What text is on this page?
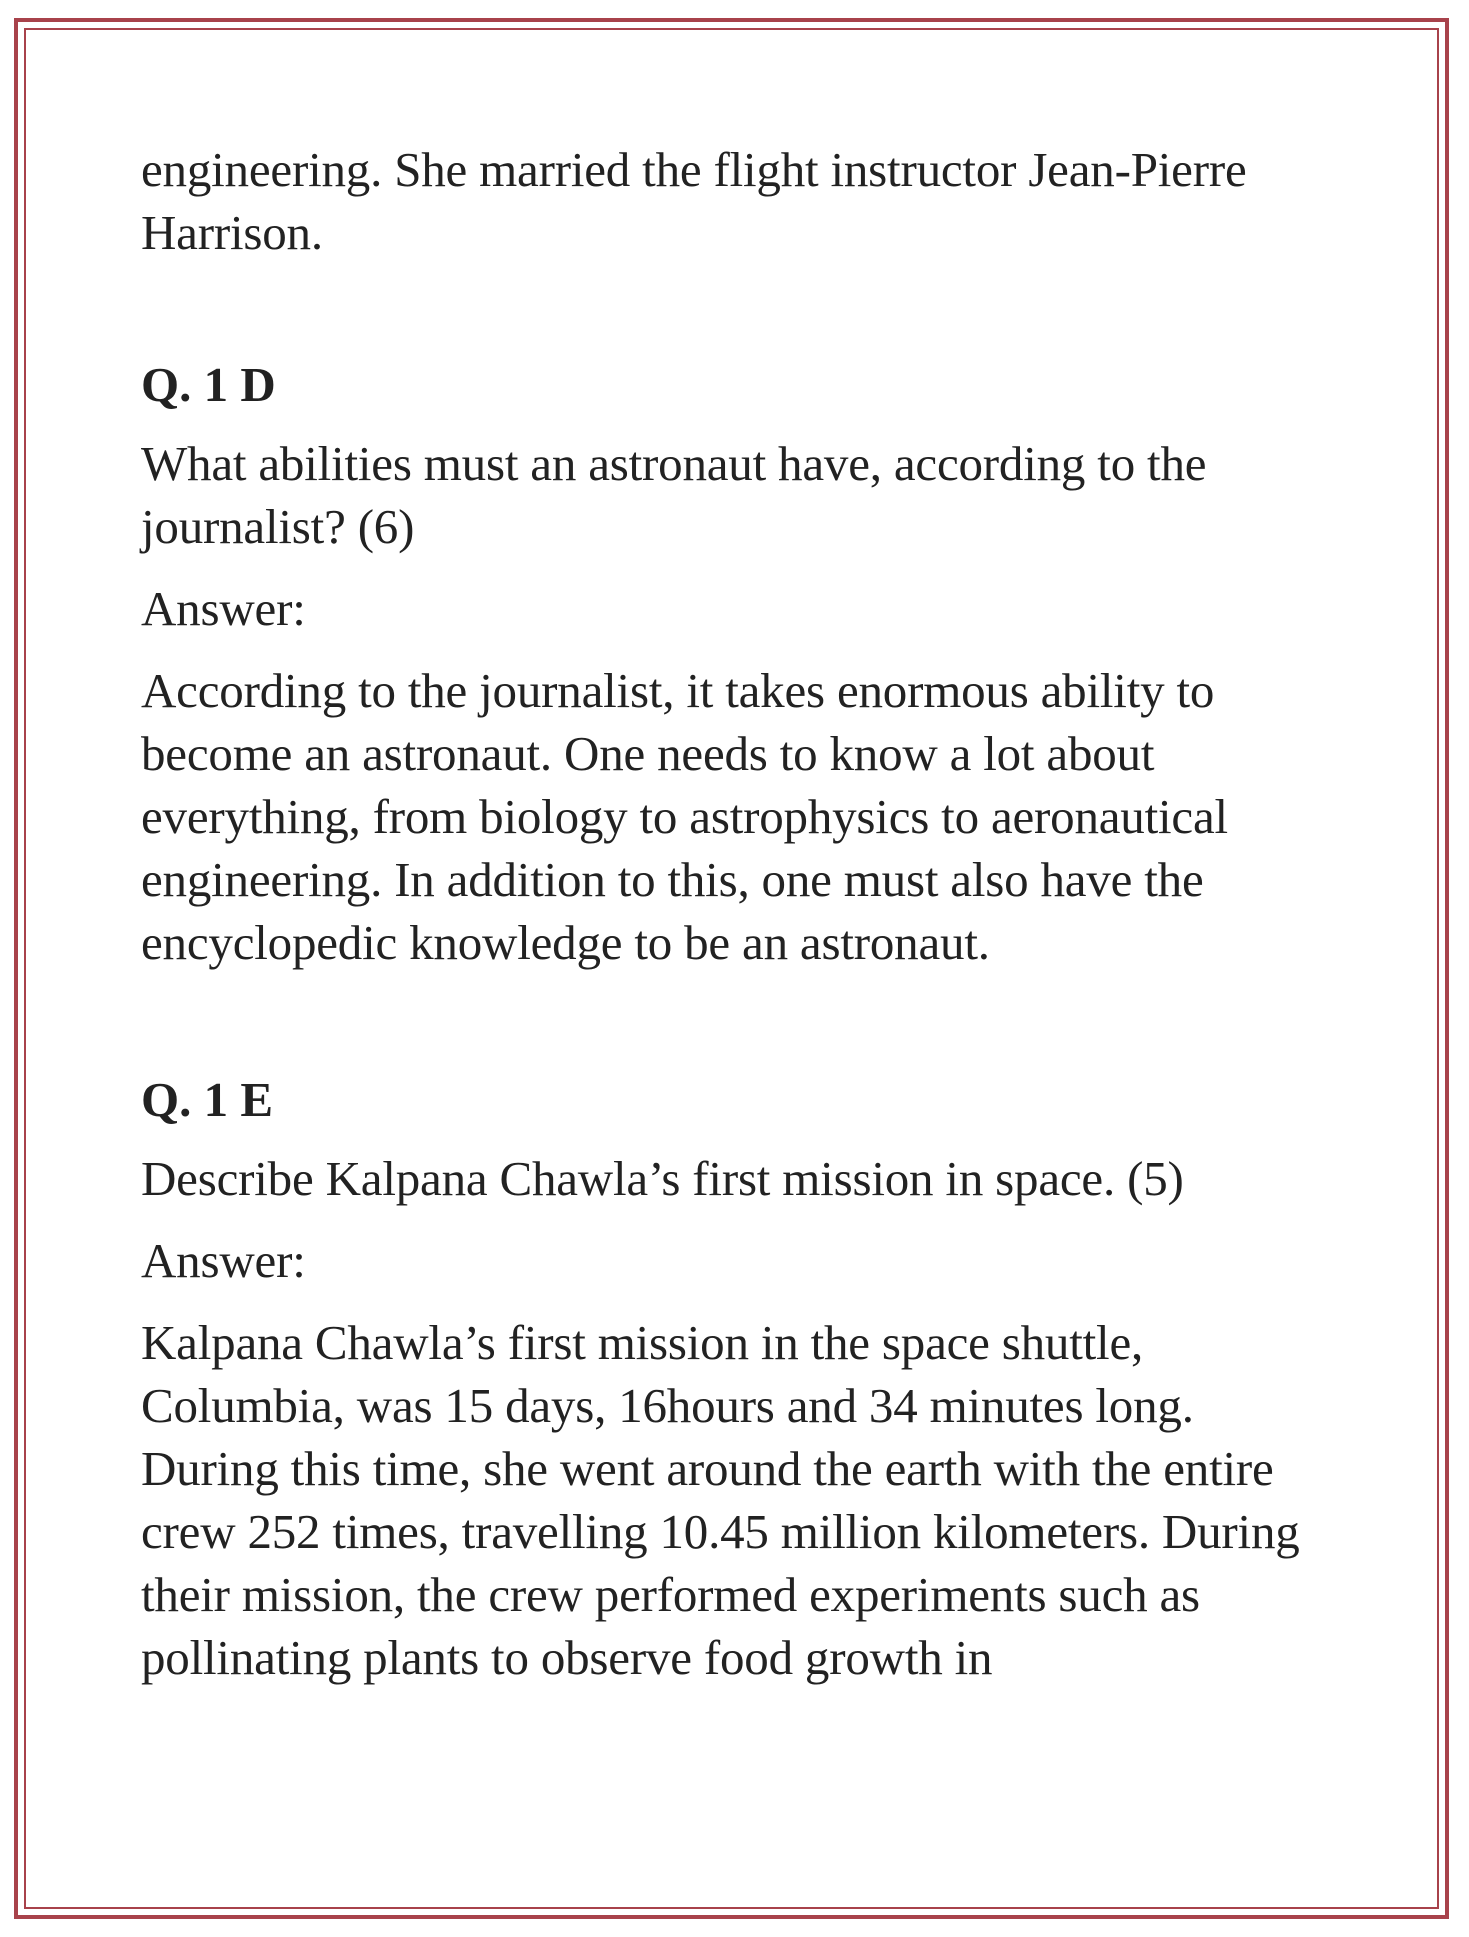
engineering. She married the flight instructor Jean-Pierre Harrison.

Q. 1 D

What abilities must an astronaut have, according to the journalist? (6)

Answer:

According to the journalist, it takes enormous ability to become an astronaut. One needs to know a lot about everything, from biology to astrophysics to aeronautical engineering. In addition to this, one must also have the encyclopedic knowledge to be an astronaut.

Q. 1 E

Describe Kalpana Chawla’s first mission in space. (5)

Answer:

Kalpana Chawla’s first mission in the space shuttle, Columbia, was 15 days, 16hours and 34 minutes long. During this time, she went around the earth with the entire crew 252 times, travelling 10.45 million kilometers. During their mission, the crew performed experiments such as pollinating plants to observe food growth in
